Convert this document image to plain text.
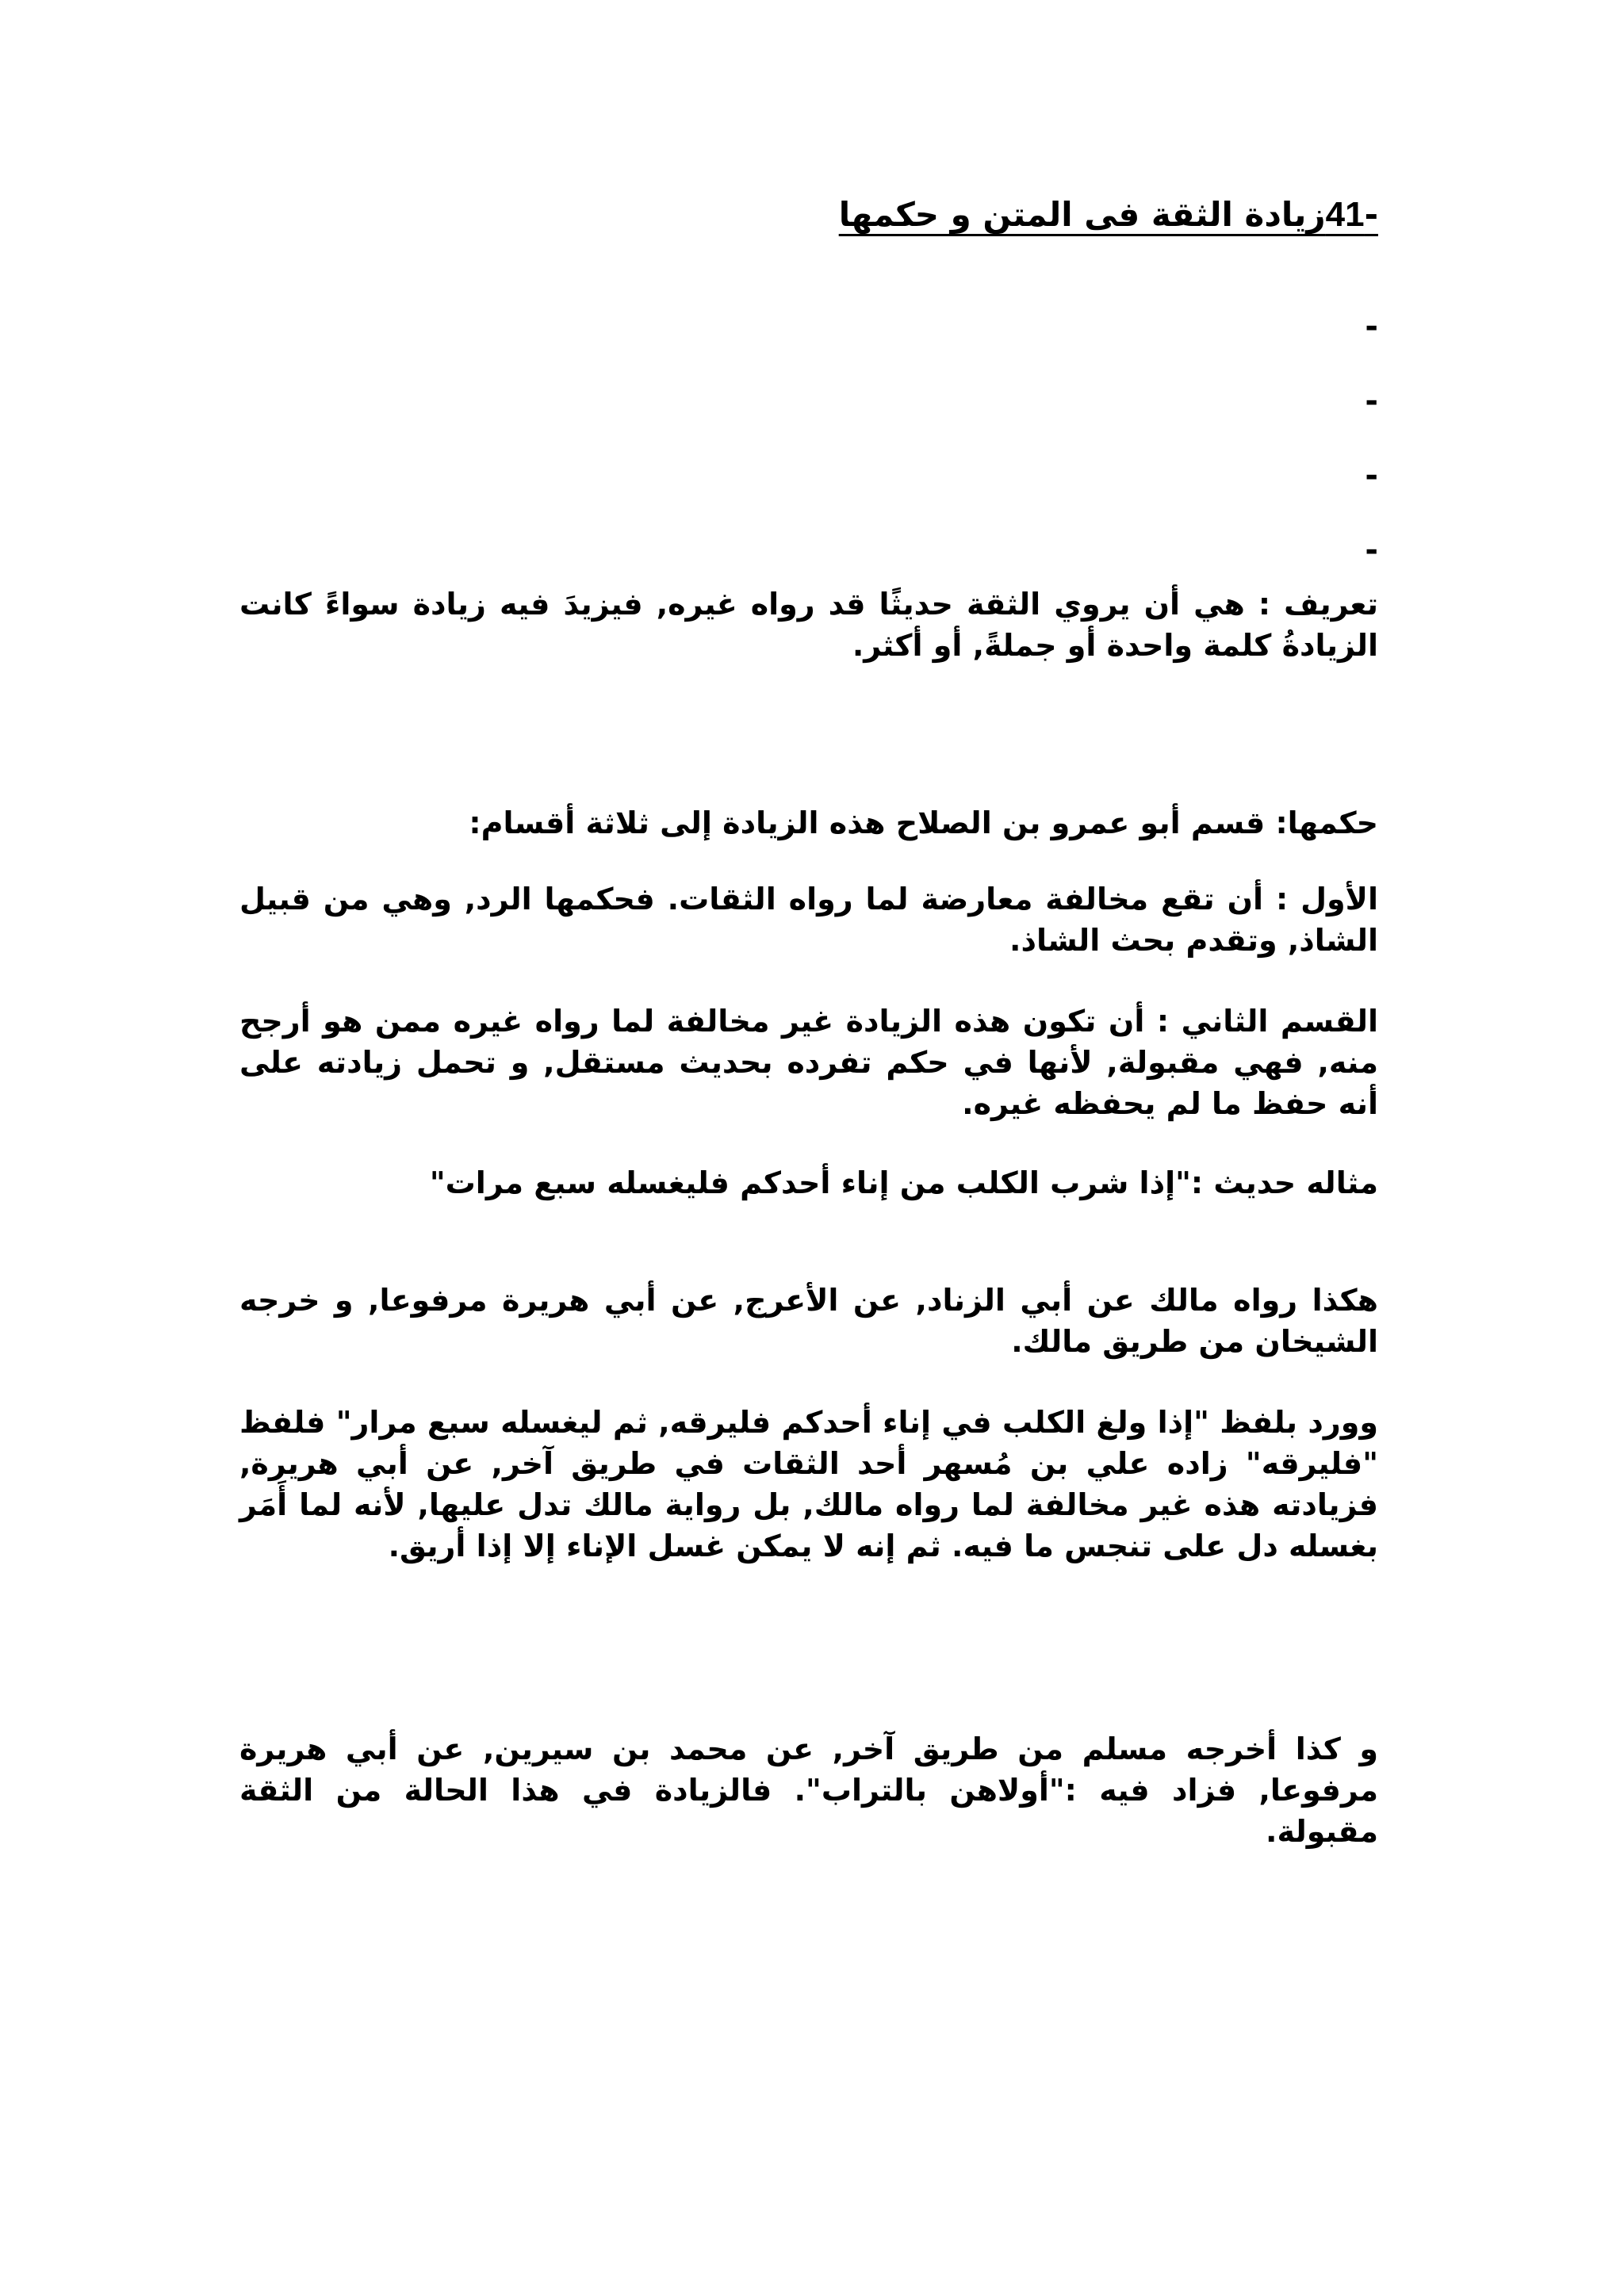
-41زيادة الثقة فى المتن و حكمها
-
-
-
-

تعريف : هي أن يروي الثقة حديثًا قد رواه غيره, فيزيدَ فيه زيادة سواءً كانت الزيادةُ كلمة واحدة أو جملةً, أو أكثر.

حكمها: قسم أبو عمرو بن الصلاح هذه الزيادة إلى ثلاثة أقسام:

الأول : أن تقع مخالفة معارضة لما رواه الثقات. فحكمها الرد, وهي من قبيل الشاذ, وتقدم بحث الشاذ.

القسم الثاني : أن تكون هذه الزيادة غير مخالفة لما رواه غيره ممن هو أرجح منه, فهي مقبولة, لأنها في حكم تفرده بحديث مستقل, و تحمل زيادته على أنه حفظ ما لم يحفظه غيره.

مثاله حديث :"إذا شرب الكلب من إناء أحدكم فليغسله سبع مرات"

هكذا رواه مالك عن أبي الزناد, عن الأعرج, عن أبي هريرة مرفوعا, و خرجه الشيخان من طريق مالك.

وورد بلفظ "إذا ولغ الكلب في إناء أحدكم فليرقه, ثم ليغسله سبع مرار" فلفظ "فليرقه" زاده علي بن مُسهر أحد الثقات في طريق آخر, عن أبي هريرة, فزيادته هذه غير مخالفة لما رواه مالك, بل رواية مالك تدل عليها, لأنه لما أَمَر بغسله دل على تنجس ما فيه. ثم إنه لا يمكن غسل الإناء إلا إذا أريق.

و كذا أخرجه مسلم من طريق آخر, عن محمد بن سيرين, عن أبي هريرة مرفوعا, فزاد فيه :"أولاهن بالتراب". فالزيادة في هذا الحالة من الثقة مقبولة.
